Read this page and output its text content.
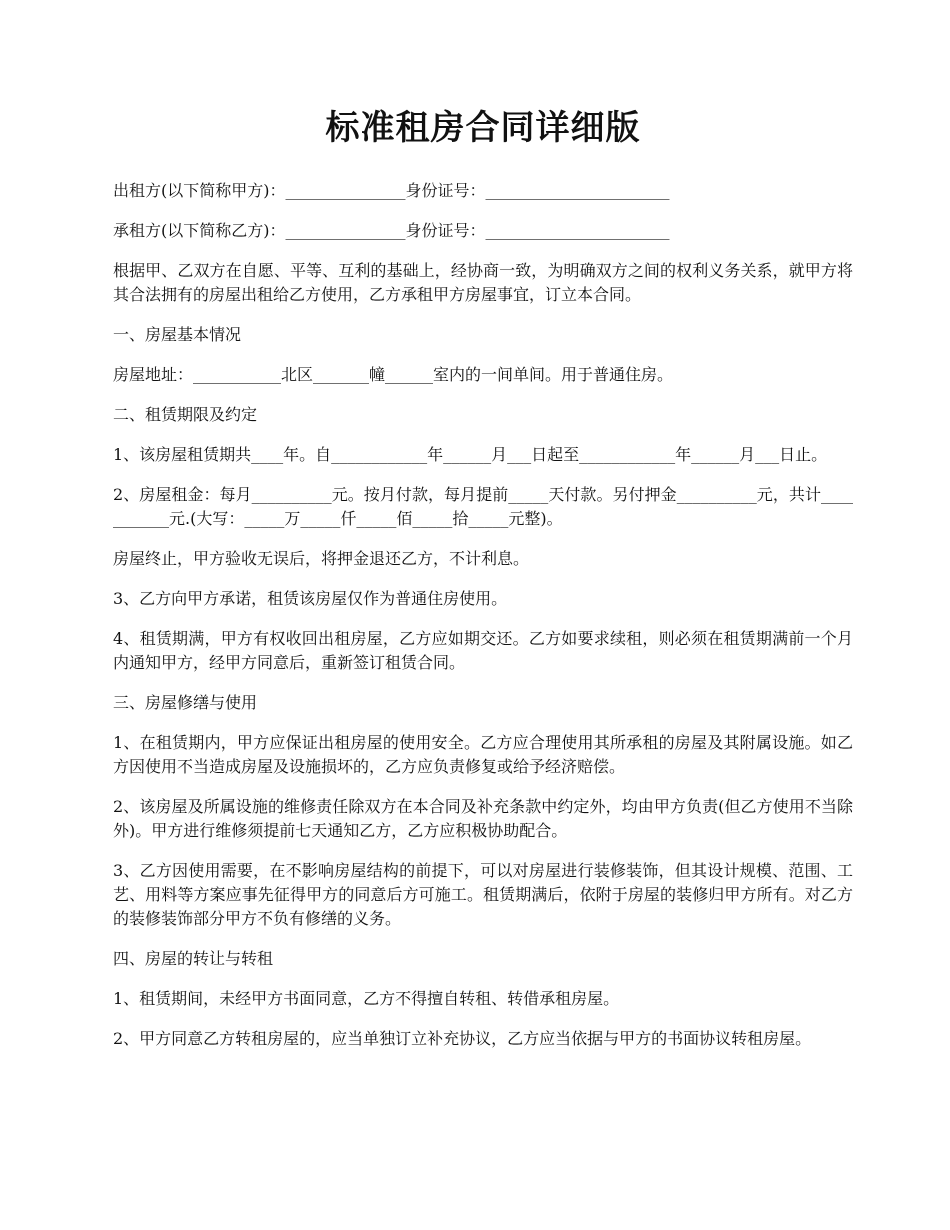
标准租房合同详细版

出租方(以下简称甲方)：_______________身份证号：_______________________

承租方(以下简称乙方)：_______________身份证号：_______________________

根据甲、乙双方在自愿、平等、互利的基础上，经协商一致，为明确双方之间的权利义务关系，就甲方将其合法拥有的房屋出租给乙方使用，乙方承租甲方房屋事宜，订立本合同。

一、房屋基本情况

房屋地址：___________北区_______幢______室内的一间单间。用于普通住房。

二、租赁期限及约定

1、该房屋租赁期共____年。自____________年______月___日起至____________年______月___日止。

2、房屋租金：每月__________元。按月付款，每月提前_____天付款。另付押金__________元，共计___________元.(大写：_____万_____仟_____佰_____拾_____元整)。

房屋终止，甲方验收无误后，将押金退还乙方，不计利息。

3、乙方向甲方承诺，租赁该房屋仅作为普通住房使用。

4、租赁期满，甲方有权收回出租房屋，乙方应如期交还。乙方如要求续租，则必须在租赁期满前一个月内通知甲方，经甲方同意后，重新签订租赁合同。

三、房屋修缮与使用

1、在租赁期内，甲方应保证出租房屋的使用安全。乙方应合理使用其所承租的房屋及其附属设施。如乙方因使用不当造成房屋及设施损坏的，乙方应负责修复或给予经济赔偿。

2、该房屋及所属设施的维修责任除双方在本合同及补充条款中约定外，均由甲方负责(但乙方使用不当除外)。甲方进行维修须提前七天通知乙方，乙方应积极协助配合。

3、乙方因使用需要，在不影响房屋结构的前提下，可以对房屋进行装修装饰，但其设计规模、范围、工艺、用料等方案应事先征得甲方的同意后方可施工。租赁期满后，依附于房屋的装修归甲方所有。对乙方的装修装饰部分甲方不负有修缮的义务。

四、房屋的转让与转租

1、租赁期间，未经甲方书面同意，乙方不得擅自转租、转借承租房屋。

2、甲方同意乙方转租房屋的，应当单独订立补充协议，乙方应当依据与甲方的书面协议转租房屋。
